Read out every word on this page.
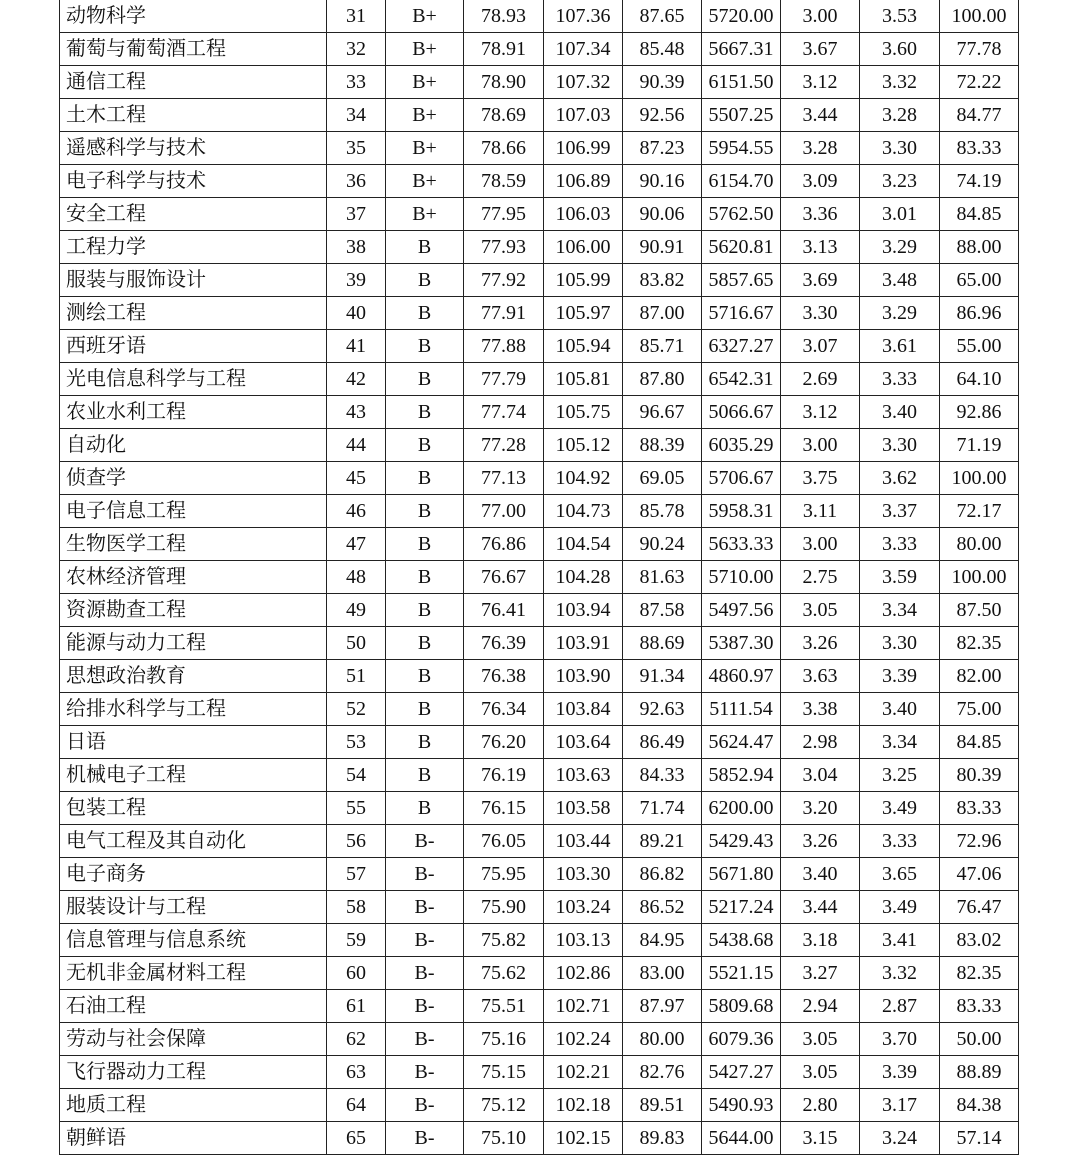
动物科学	31	B+	78.93	107.36	87.65	5720.00	3.00	3.53	100.00
葡萄与葡萄酒工程	32	B+	78.91	107.34	85.48	5667.31	3.67	3.60	77.78
通信工程	33	B+	78.90	107.32	90.39	6151.50	3.12	3.32	72.22
土木工程	34	B+	78.69	107.03	92.56	5507.25	3.44	3.28	84.77
遥感科学与技术	35	B+	78.66	106.99	87.23	5954.55	3.28	3.30	83.33
电子科学与技术	36	B+	78.59	106.89	90.16	6154.70	3.09	3.23	74.19
安全工程	37	B+	77.95	106.03	90.06	5762.50	3.36	3.01	84.85
工程力学	38	B	77.93	106.00	90.91	5620.81	3.13	3.29	88.00
服装与服饰设计	39	B	77.92	105.99	83.82	5857.65	3.69	3.48	65.00
测绘工程	40	B	77.91	105.97	87.00	5716.67	3.30	3.29	86.96
西班牙语	41	B	77.88	105.94	85.71	6327.27	3.07	3.61	55.00
光电信息科学与工程	42	B	77.79	105.81	87.80	6542.31	2.69	3.33	64.10
农业水利工程	43	B	77.74	105.75	96.67	5066.67	3.12	3.40	92.86
自动化	44	B	77.28	105.12	88.39	6035.29	3.00	3.30	71.19
侦查学	45	B	77.13	104.92	69.05	5706.67	3.75	3.62	100.00
电子信息工程	46	B	77.00	104.73	85.78	5958.31	3.11	3.37	72.17
生物医学工程	47	B	76.86	104.54	90.24	5633.33	3.00	3.33	80.00
农林经济管理	48	B	76.67	104.28	81.63	5710.00	2.75	3.59	100.00
资源勘查工程	49	B	76.41	103.94	87.58	5497.56	3.05	3.34	87.50
能源与动力工程	50	B	76.39	103.91	88.69	5387.30	3.26	3.30	82.35
思想政治教育	51	B	76.38	103.90	91.34	4860.97	3.63	3.39	82.00
给排水科学与工程	52	B	76.34	103.84	92.63	5111.54	3.38	3.40	75.00
日语	53	B	76.20	103.64	86.49	5624.47	2.98	3.34	84.85
机械电子工程	54	B	76.19	103.63	84.33	5852.94	3.04	3.25	80.39
包装工程	55	B	76.15	103.58	71.74	6200.00	3.20	3.49	83.33
电气工程及其自动化	56	B-	76.05	103.44	89.21	5429.43	3.26	3.33	72.96
电子商务	57	B-	75.95	103.30	86.82	5671.80	3.40	3.65	47.06
服装设计与工程	58	B-	75.90	103.24	86.52	5217.24	3.44	3.49	76.47
信息管理与信息系统	59	B-	75.82	103.13	84.95	5438.68	3.18	3.41	83.02
无机非金属材料工程	60	B-	75.62	102.86	83.00	5521.15	3.27	3.32	82.35
石油工程	61	B-	75.51	102.71	87.97	5809.68	2.94	2.87	83.33
劳动与社会保障	62	B-	75.16	102.24	80.00	6079.36	3.05	3.70	50.00
飞行器动力工程	63	B-	75.15	102.21	82.76	5427.27	3.05	3.39	88.89
地质工程	64	B-	75.12	102.18	89.51	5490.93	2.80	3.17	84.38
朝鲜语	65	B-	75.10	102.15	89.83	5644.00	3.15	3.24	57.14
